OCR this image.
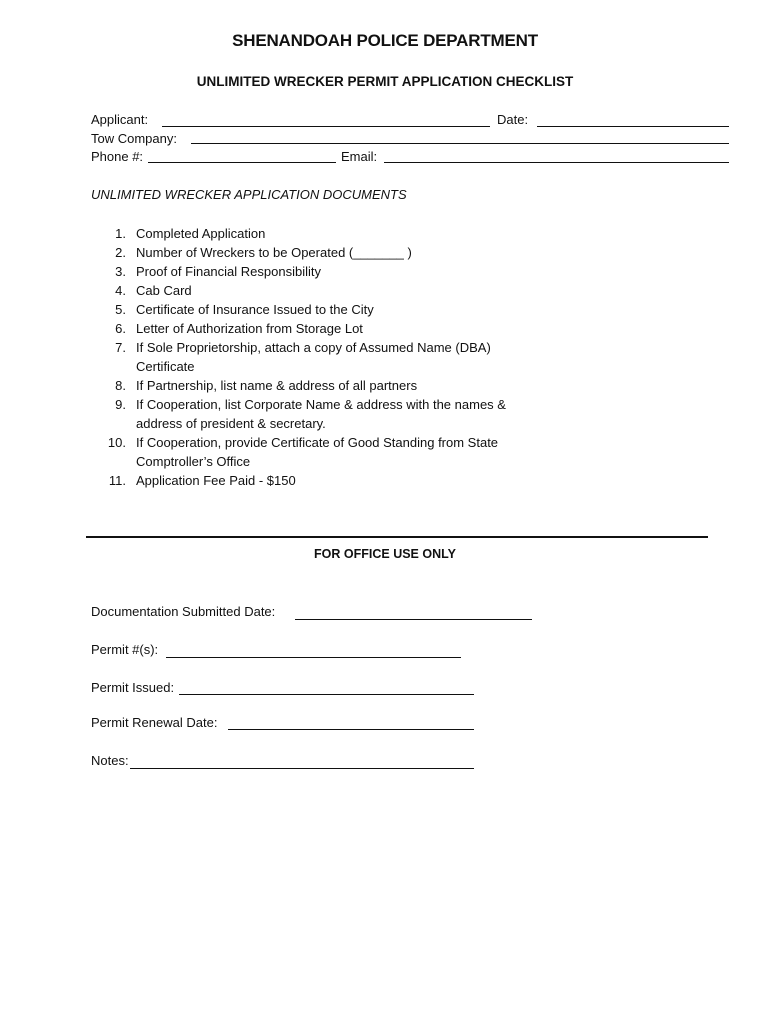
SHENANDOAH POLICE DEPARTMENT
UNLIMITED WRECKER PERMIT APPLICATION CHECKLIST
Applicant:	Date:
Tow Company:
Phone #:	Email:
UNLIMITED WRECKER APPLICATION DOCUMENTS
1. Completed Application
2. Number of Wreckers to be Operated (_______ )
3. Proof of Financial Responsibility
4. Cab Card
5. Certificate of Insurance Issued to the City
6. Letter of Authorization from Storage Lot
7. If Sole Proprietorship, attach a copy of Assumed Name (DBA) Certificate
8. If Partnership, list name & address of all partners
9. If Cooperation, list Corporate Name & address with the names & address of president & secretary.
10. If Cooperation, provide Certificate of Good Standing from State Comptroller’s Office
11. Application Fee Paid - $150
FOR OFFICE USE ONLY
Documentation Submitted Date:
Permit #(s):
Permit Issued:
Permit Renewal Date:
Notes:
